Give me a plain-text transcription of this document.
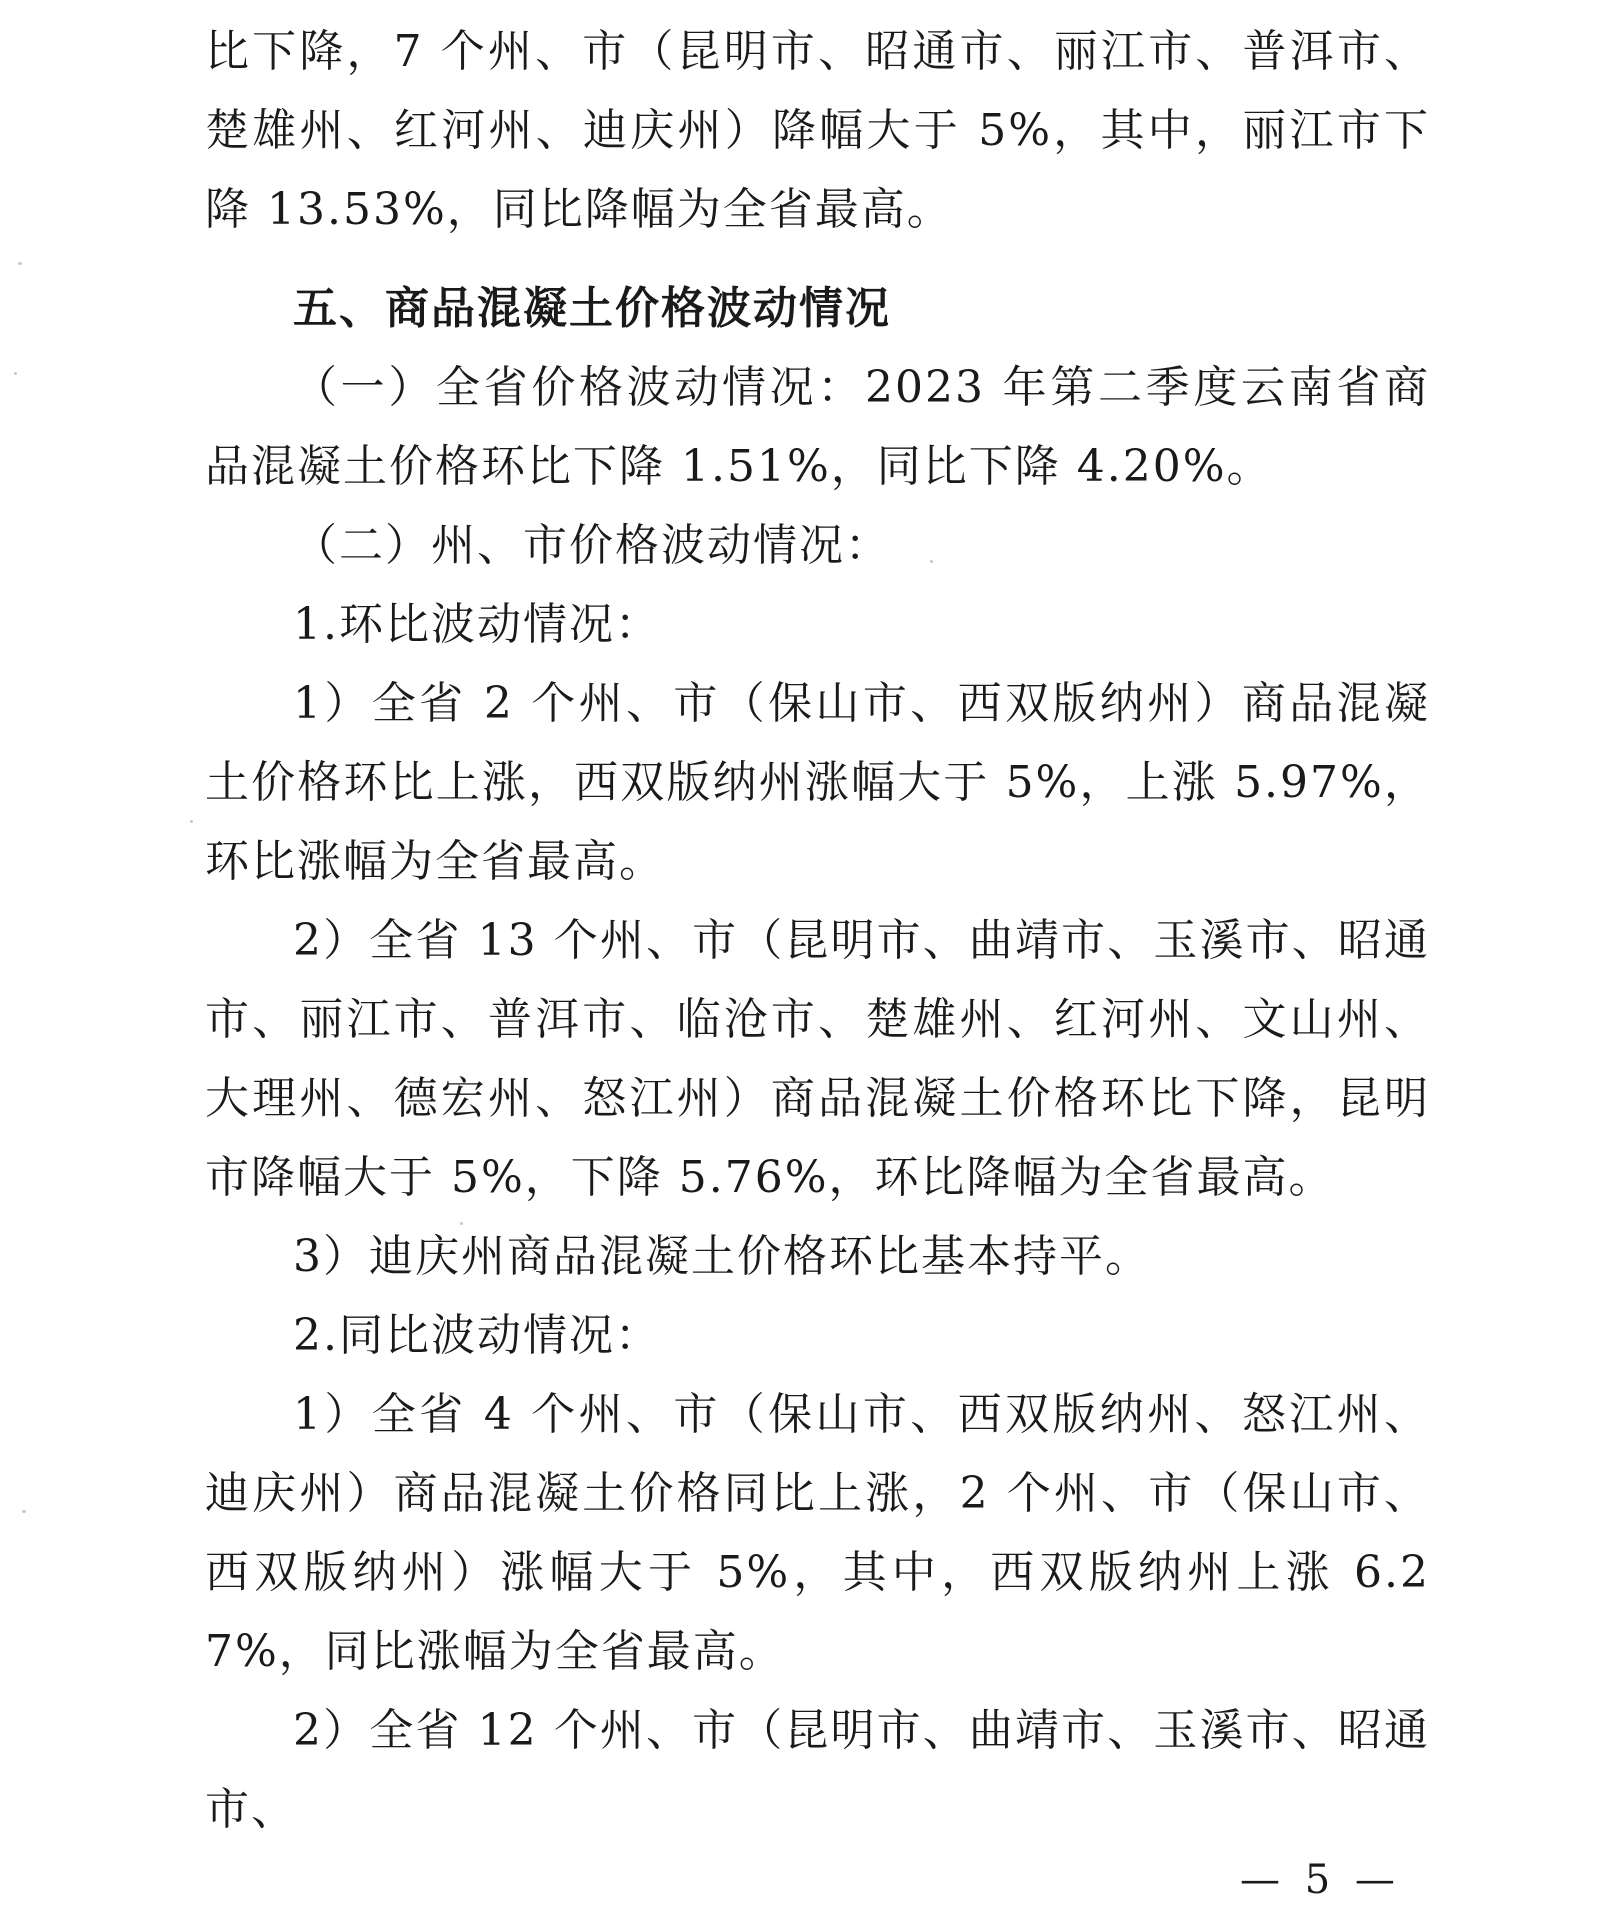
比下降，7 个州、市（昆明市、昭通市、丽江市、普洱市、楚雄州、红河州、迪庆州）降幅大于 5%，其中，丽江市下降 13.53%，同比降幅为全省最高。

五、商品混凝土价格波动情况

（一）全省价格波动情况：2023 年第二季度云南省商品混凝土价格环比下降 1.51%，同比下降 4.20%。

（二）州、市价格波动情况：

1.环比波动情况：

1）全省 2 个州、市（保山市、西双版纳州）商品混凝土价格环比上涨，西双版纳州涨幅大于 5%，上涨 5.97%，环比涨幅为全省最高。

2）全省 13 个州、市（昆明市、曲靖市、玉溪市、昭通市、丽江市、普洱市、临沧市、楚雄州、红河州、文山州、大理州、德宏州、怒江州）商品混凝土价格环比下降，昆明市降幅大于 5%，下降 5.76%，环比降幅为全省最高。

3）迪庆州商品混凝土价格环比基本持平。

2.同比波动情况：

1）全省 4 个州、市（保山市、西双版纳州、怒江州、迪庆州）商品混凝土价格同比上涨，2 个州、市（保山市、西双版纳州）涨幅大于 5%，其中，西双版纳州上涨 6.27%，同比涨幅为全省最高。

2）全省 12 个州、市（昆明市、曲靖市、玉溪市、昭通市、

— 5 —
